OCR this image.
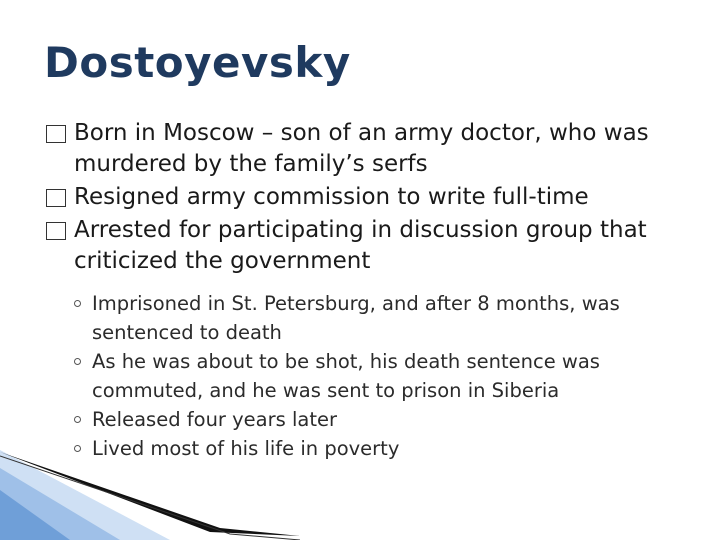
Dostoyevsky
Born in Moscow – son of an army doctor, who was murdered by the family’s serfs
Resigned army commission to write full-time
Arrested for participating in discussion group that criticized the government
Imprisoned in St. Petersburg, and after 8 months, was sentenced to death
As he was about to be shot, his death sentence was commuted, and he was sent to prison in Siberia
Released four years later
Lived most of his life in poverty
